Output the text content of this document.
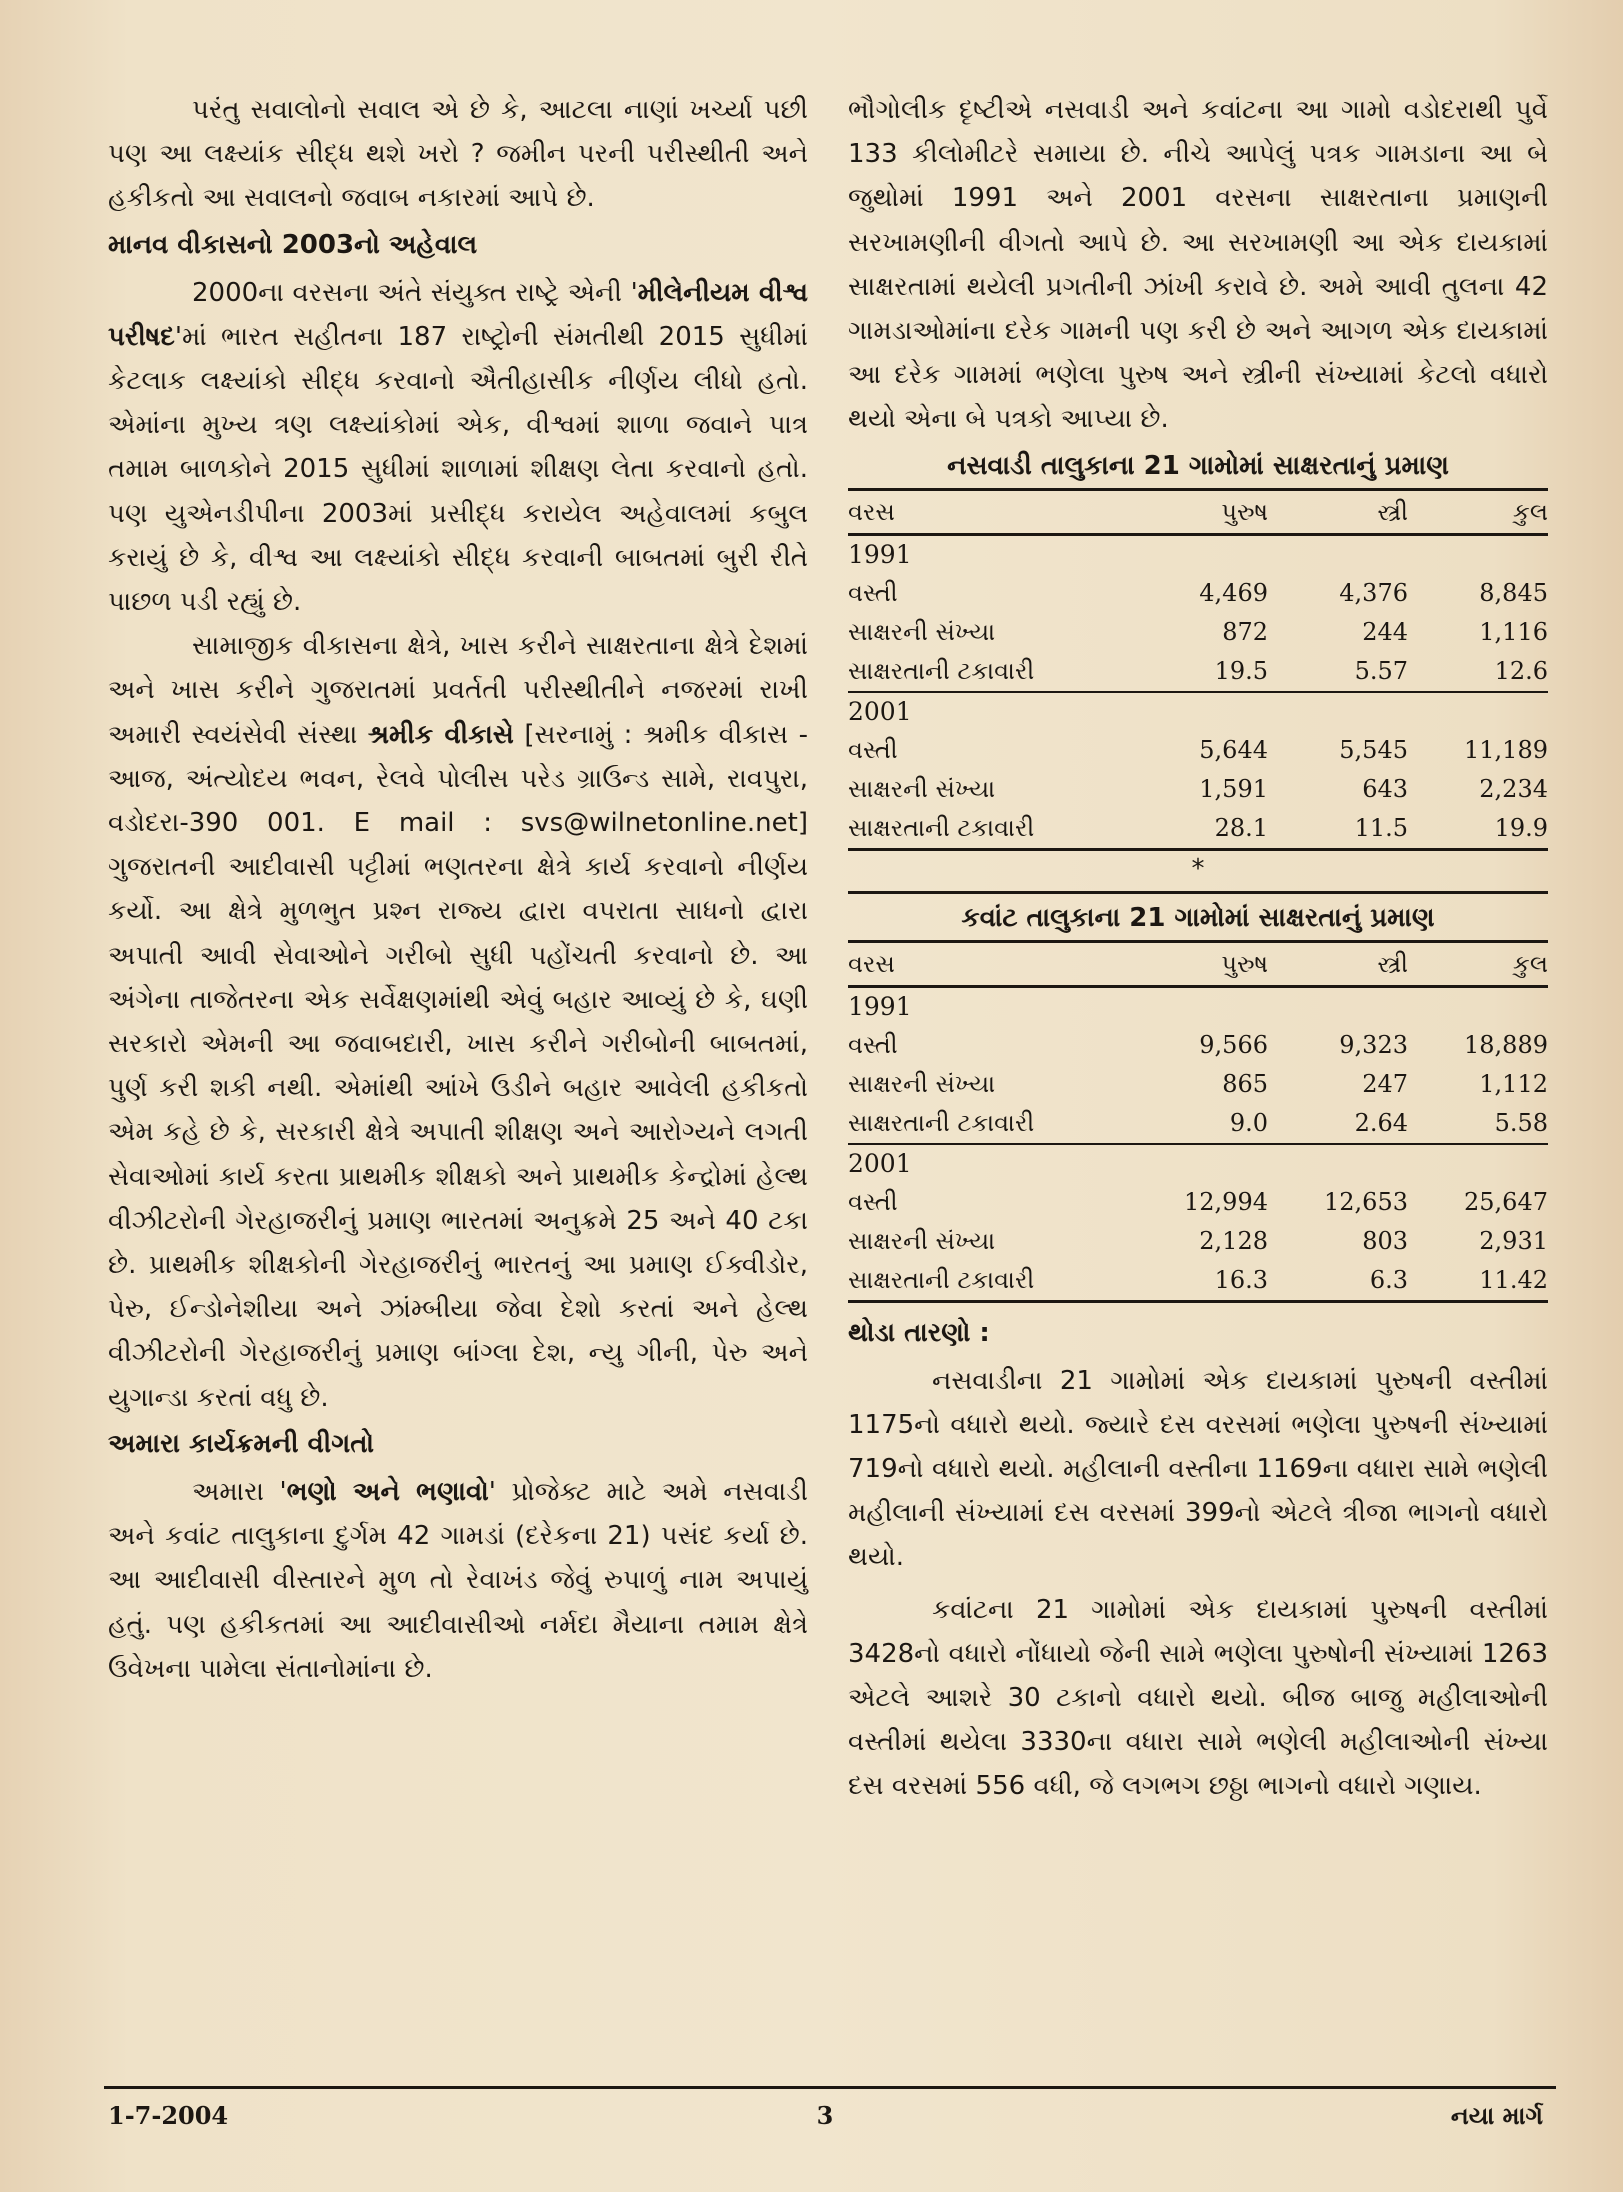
પરંતુ સવાલોનો સવાલ એ છે કે, આટલા નાણાં ખર્ચ્યા પછી પણ આ લક્ષ્યાંક સીદ્ધ થશે ખરો ? જમીન પરની પરીસ્થીતી અને હકીકતો આ સવાલનો જવાબ નકારમાં આપે છે.

માનવ વીકાસનો 2003નો અહેવાલ

2000ના વરસના અંતે સંયુક્ત રાષ્ટ્રે એની 'મીલેનીયમ વીશ્વ પરીષદ'માં ભારત સહીતના 187 રાષ્ટ્રોની સંમતીથી 2015 સુધીમાં કેટલાક લક્ષ્યાંકો સીદ્ધ કરવાનો ઐતીહાસીક નીર્ણય લીધો હતો. એમાંના મુખ્ય ત્રણ લક્ષ્યાંકોમાં એક, વીશ્વમાં શાળા જવાને પાત્ર તમામ બાળકોને 2015 સુધીમાં શાળામાં શીક્ષણ લેતા કરવાનો હતો. પણ યુએનડીપીના 2003માં પ્રસીદ્ધ કરાયેલ અહેવાલમાં કબુલ કરાયું છે કે, વીશ્વ આ લક્ષ્યાંકો સીદ્ધ કરવાની બાબતમાં બુરી રીતે પાછળ પડી રહ્યું છે.

સામાજીક વીકાસના ક્ષેત્રે, ખાસ કરીને સાક્ષરતાના ક્ષેત્રે દેશમાં અને ખાસ કરીને ગુજરાતમાં પ્રવર્તતી પરીસ્થીતીને નજરમાં રાખી અમારી સ્વયંસેવી સંસ્થા શ્રમીક વીકાસે [સરનામું : શ્રમીક વીકાસ - આજ, અંત્યોદય ભવન, રેલવે પોલીસ પરેડ ગ્રાઉન્ડ સામે, રાવપુરા, વડોદરા-390 001. E mail : svs@wilnetonline.net] ગુજરાતની આદીવાસી પટ્ટીમાં ભણતરના ક્ષેત્રે કાર્ય કરવાનો નીર્ણય કર્યો. આ ક્ષેત્રે મુળભુત પ્રશ્ન રાજ્ય દ્વારા વપરાતા સાધનો દ્વારા અપાતી આવી સેવાઓને ગરીબો સુધી પહોંચતી કરવાનો છે. આ અંગેના તાજેતરના એક સર્વેક્ષણમાંથી એવું બહાર આવ્યું છે કે, ઘણી સરકારો એમની આ જવાબદારી, ખાસ કરીને ગરીબોની બાબતમાં, પુર્ણ કરી શકી નથી. એમાંથી આંખે ઉડીને બહાર આવેલી હકીકતો એમ કહે છે કે, સરકારી ક્ષેત્રે અપાતી શીક્ષણ અને આરોગ્યને લગતી સેવાઓમાં કાર્ય કરતા પ્રાથમીક શીક્ષકો અને પ્રાથમીક કેન્દ્રોમાં હેલ્થ વીઝીટરોની ગેરહાજરીનું પ્રમાણ ભારતમાં અનુક્રમે 25 અને 40 ટકા છે. પ્રાથમીક શીક્ષકોની ગેરહાજરીનું ભારતનું આ પ્રમાણ ઈક્વીડોર, પેરુ, ઈન્ડોનેશીયા અને ઝાંમ્બીયા જેવા દેશો કરતાં અને હેલ્થ વીઝીટરોની ગેરહાજરીનું પ્રમાણ બાંગ્લા દેશ, ન્યુ ગીની, પેરુ અને યુગાન્ડા કરતાં વધુ છે.

અમારા કાર્યક્રમની વીગતો

અમારા 'ભણો અને ભણાવો' પ્રોજેક્ટ માટે અમે નસવાડી અને કવાંટ તાલુકાના દુર્ગમ 42 ગામડાં (દરેકના 21) પસંદ કર્યા છે. આ આદીવાસી વીસ્તારને મુળ તો રેવાખંડ જેવું રુપાળું નામ અપાયું હતું. પણ હકીકતમાં આ આદીવાસીઓ નર્મદા મૈયાના તમામ ક્ષેત્રે ઉવેખના પામેલા સંતાનોમાંના છે.

ભૌગોલીક દૃષ્ટીએ નસવાડી અને કવાંટના આ ગામો વડોદરાથી પુર્વે 133 કીલોમીટરે સમાયા છે. નીચે આપેલું પત્રક ગામડાના આ બે જુથોમાં 1991 અને 2001 વરસના સાક્ષરતાના પ્રમાણની સરખામણીની વીગતો આપે છે. આ સરખામણી આ એક દાયકામાં સાક્ષરતામાં થયેલી પ્રગતીની ઝાંખી કરાવે છે. અમે આવી તુલના 42 ગામડાઓમાંના દરેક ગામની પણ કરી છે અને આગળ એક દાયકામાં આ દરેક ગામમાં ભણેલા પુરુષ અને સ્ત્રીની સંખ્યામાં કેટલો વધારો થયો એના બે પત્રકો આપ્યા છે.

નસવાડી તાલુકાના 21 ગામોમાં સાક્ષરતાનું પ્રમાણ
વરસ	પુરુષ	સ્ત્રી	કુલ
1991
વસ્તી	4,469	4,376	8,845
સાક્ષરની સંખ્યા	872	244	1,116
સાક્ષરતાની ટકાવારી	19.5	5.57	12.6
2001
વસ્તી	5,644	5,545	11,189
સાક્ષરની સંખ્યા	1,591	643	2,234
સાક્ષરતાની ટકાવારી	28.1	11.5	19.9
*
કવાંટ તાલુકાના 21 ગામોમાં સાક્ષરતાનું પ્રમાણ
વરસ	પુરુષ	સ્ત્રી	કુલ
1991
વસ્તી	9,566	9,323	18,889
સાક્ષરની સંખ્યા	865	247	1,112
સાક્ષરતાની ટકાવારી	9.0	2.64	5.58
2001
વસ્તી	12,994	12,653	25,647
સાક્ષરની સંખ્યા	2,128	803	2,931
સાક્ષરતાની ટકાવારી	16.3	6.3	11.42
થોડા તારણો :

નસવાડીના 21 ગામોમાં એક દાયકામાં પુરુષની વસ્તીમાં 1175નો વધારો થયો. જ્યારે દસ વરસમાં ભણેલા પુરુષની સંખ્યામાં 719નો વધારો થયો. મહીલાની વસ્તીના 1169ના વધારા સામે ભણેલી મહીલાની સંખ્યામાં દસ વરસમાં 399નો એટલે ત્રીજા ભાગનો વધારો થયો.

કવાંટના 21 ગામોમાં એક દાયકામાં પુરુષની વસ્તીમાં 3428નો વધારો નોંધાયો જેની સામે ભણેલા પુરુષોની સંખ્યામાં 1263 એટલે આશરે 30 ટકાનો વધારો થયો. બીજ બાજુ મહીલાઓની વસ્તીમાં થયેલા 3330ના વધારા સામે ભણેલી મહીલાઓની સંખ્યા દસ વરસમાં 556 વધી, જે લગભગ છઠ્ઠા ભાગનો વધારો ગણાય.

1-7-2004	3	નયા માર્ગ
